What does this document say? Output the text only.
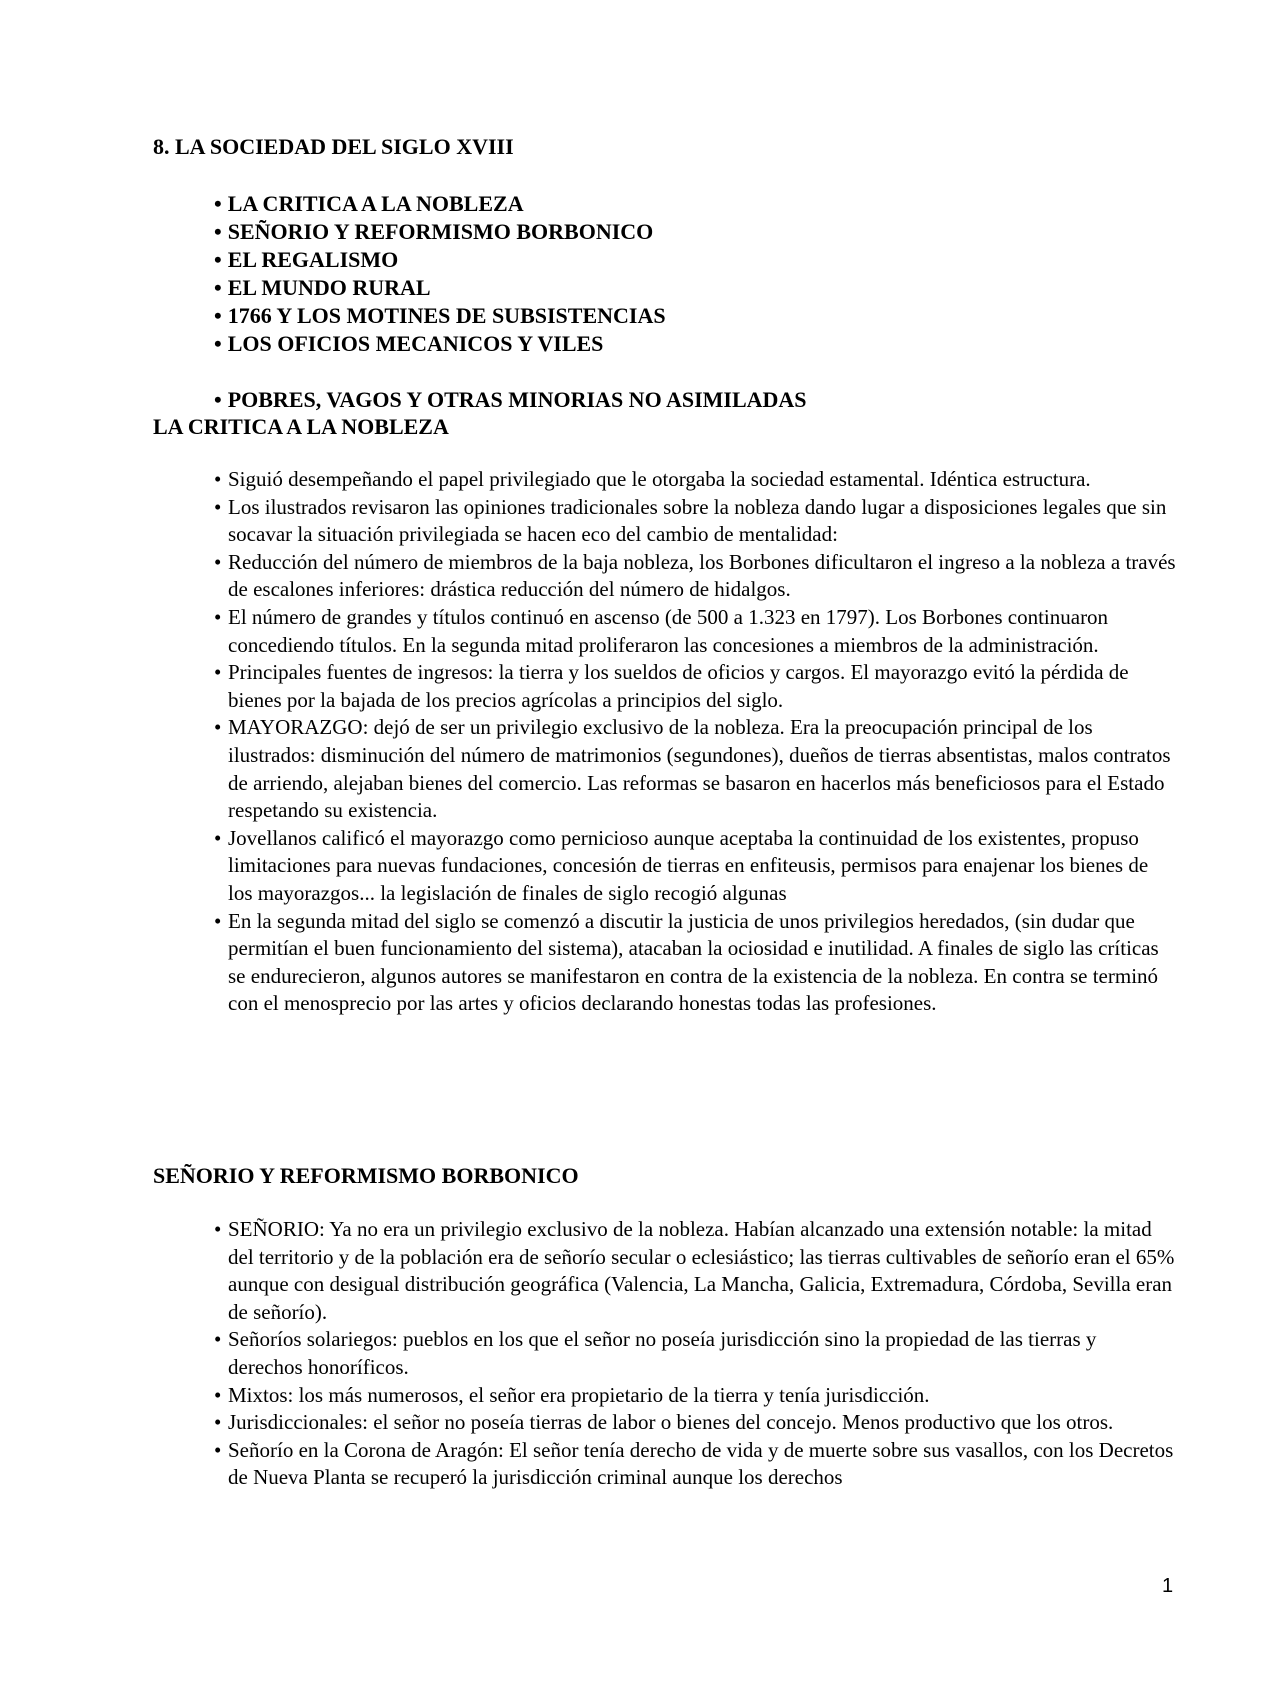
8. LA SOCIEDAD DEL SIGLO XVIII
• LA CRITICA A LA NOBLEZA
• SEÑORIO Y REFORMISMO BORBONICO
• EL REGALISMO
• EL MUNDO RURAL
• 1766 Y LOS MOTINES DE SUBSISTENCIAS
• LOS OFICIOS MECANICOS Y VILES
• POBRES, VAGOS Y OTRAS MINORIAS NO ASIMILADAS
LA CRITICA A LA NOBLEZA
• Siguió desempeñando el papel privilegiado que le otorgaba la sociedad estamental. Idéntica estructura.
• Los ilustrados revisaron las opiniones tradicionales sobre la nobleza dando lugar a disposiciones legales que sin socavar la situación privilegiada se hacen eco del cambio de mentalidad:
• Reducción del número de miembros de la baja nobleza, los Borbones dificultaron el ingreso a la nobleza a través de escalones inferiores: drástica reducción del número de hidalgos.
• El número de grandes y títulos continuó en ascenso (de 500 a 1.323 en 1797). Los Borbones continuaron concediendo títulos. En la segunda mitad proliferaron las concesiones a miembros de la administración.
• Principales fuentes de ingresos: la tierra y los sueldos de oficios y cargos. El mayorazgo evitó la pérdida de bienes por la bajada de los precios agrícolas a principios del siglo.
• MAYORAZGO: dejó de ser un privilegio exclusivo de la nobleza. Era la preocupación principal de los ilustrados: disminución del número de matrimonios (segundones), dueños de tierras absentistas, malos contratos de arriendo, alejaban bienes del comercio. Las reformas se basaron en hacerlos más beneficiosos para el Estado respetando su existencia.
• Jovellanos calificó el mayorazgo como pernicioso aunque aceptaba la continuidad de los existentes, propuso limitaciones para nuevas fundaciones, concesión de tierras en enfiteusis, permisos para enajenar los bienes de los mayorazgos... la legislación de finales de siglo recogió algunas
• En la segunda mitad del siglo se comenzó a discutir la justicia de unos privilegios heredados, (sin dudar que permitían el buen funcionamiento del sistema), atacaban la ociosidad e inutilidad. A finales de siglo las críticas se endurecieron, algunos autores se manifestaron en contra de la existencia de la nobleza. En contra se terminó con el menosprecio por las artes y oficios declarando honestas todas las profesiones.
SEÑORIO Y REFORMISMO BORBONICO
• SEÑORIO: Ya no era un privilegio exclusivo de la nobleza. Habían alcanzado una extensión notable: la mitad del territorio y de la población era de señorío secular o eclesiástico; las tierras cultivables de señorío eran el 65% aunque con desigual distribución geográfica (Valencia, La Mancha, Galicia, Extremadura, Córdoba, Sevilla eran de señorío).
• Señoríos solariegos: pueblos en los que el señor no poseía jurisdicción sino la propiedad de las tierras y derechos honoríficos.
• Mixtos: los más numerosos, el señor era propietario de la tierra y tenía jurisdicción.
• Jurisdiccionales: el señor no poseía tierras de labor o bienes del concejo. Menos productivo que los otros.
• Señorío en la Corona de Aragón: El señor tenía derecho de vida y de muerte sobre sus vasallos, con los Decretos de Nueva Planta se recuperó la jurisdicción criminal aunque los derechos
1
